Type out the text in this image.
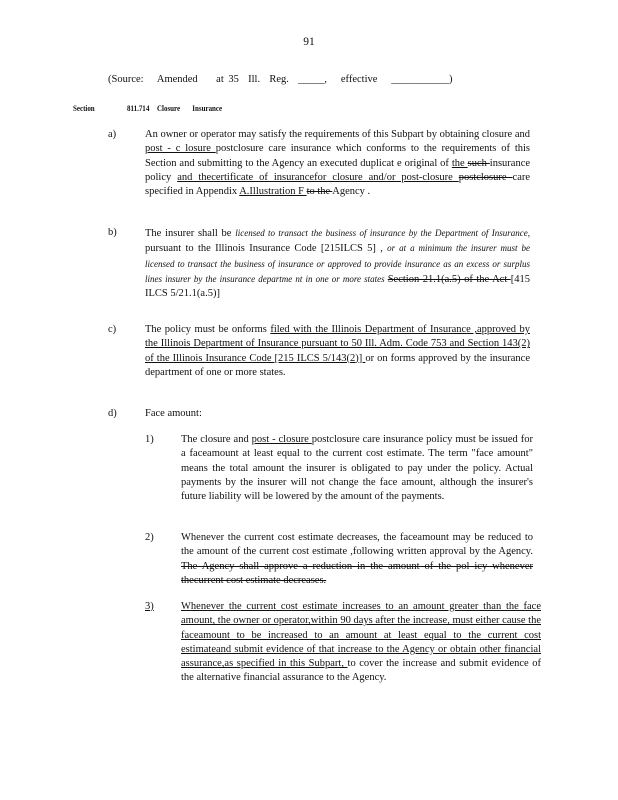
91
(Source:   Amended    at 35  Ill.  Reg.  _____,   effective   ___________)
Section	811.71 4 Closure       Insurance
a)	An owner or operator may satisfy the requirements of this Subpart by obtaining closure and post - c losure postclosure care insurance which conforms to the requirements of this Section and submitting to the Agency an executed duplicat e original of the such insurance policy and thecertificate of insurancefor closure and/or post-closure postclosure care specified in Appendix A.Illustration F to the Agency .
b)	The insurer shall be licensed to transact the business of insurance by the Department of Insurance, pursuant to the Illinois Insurance Code [215ILCS 5] , or at a minimum the insurer must be licensed to transact the business of insurance or approved to provide insurance as an excess or surplus lines insurer by the insurance departme nt in one or more states Section 21.1(a.5) of the Act [415 ILCS 5/21.1(a.5)]
c)	The policy must be onforms filed with the Illinois Department of Insurance ,approved by the Illinois Department of Insurance pursuant to 50 Ill. Adm. Code 753 and Section 143(2) of the Illinois Insurance Code [215 ILCS 5/143(2)] or on forms approved by the insurance department of one or more states.
d)	Face amount:
1)	The closure and post - closure postclosure care insurance policy must be issued for a faceamount at least equal to the current cost estimate. The term "face amount" means the total amount the insurer is obligated to pay under the policy. Actual payments by the insurer will not change the face amount, although the insurer's future liability will be lowered by the amount of the payments.
2)	Whenever the current cost estimate decreases, the faceamount may be reduced to the amount of the current cost estimate ,following written approval by the Agency. The Agency shall approve a reduction in the amount of the pol icy whenever thecurrent cost estimate decreases.
3)	Whenever the current cost estimate increases to an amount greater than the face amount, the owner or operator,within 90 days after the increase, must either cause the faceamount to be increased to an amount at least equal to the current cost estimateand submit evidence of that increase to the Agency or obtain other financial assurance,as specified in this Subpart, to cover the increase and submit evidence of the alternative financial assurance to the Agency.
